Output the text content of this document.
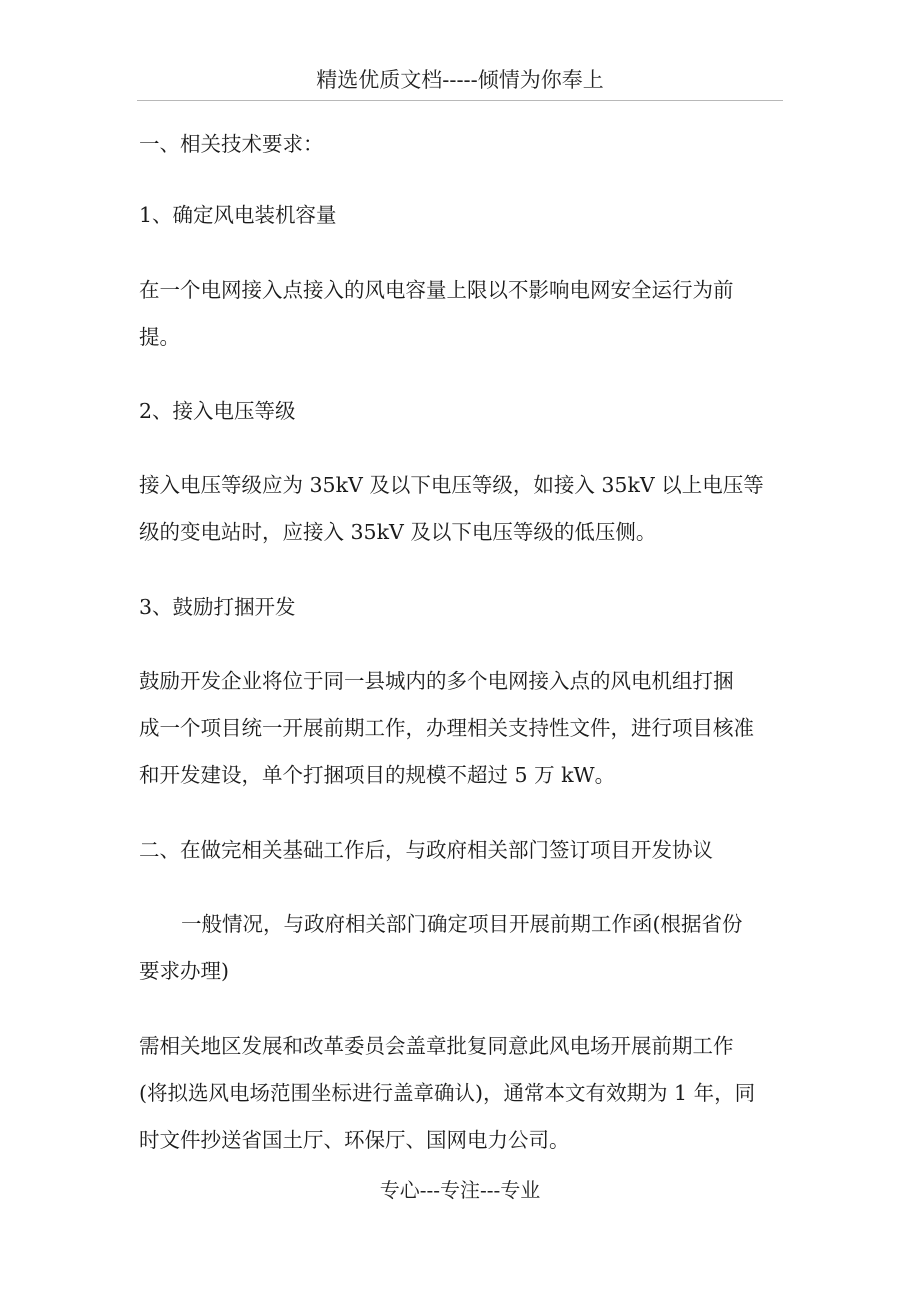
精选优质文档-----倾情为你奉上
一、相关技术要求：
1、确定风电装机容量
在一个电网接入点接入的风电容量上限以不影响电网安全运行为前
提。
2、接入电压等级
接入电压等级应为 35kV 及以下电压等级，如接入 35kV 以上电压等
级的变电站时，应接入 35kV 及以下电压等级的低压侧。
3、鼓励打捆开发
鼓励开发企业将位于同一县城内的多个电网接入点的风电机组打捆
成一个项目统一开展前期工作，办理相关支持性文件，进行项目核准
和开发建设，单个打捆项目的规模不超过 5 万 kW。
二、在做完相关基础工作后，与政府相关部门签订项目开发协议
一般情况，与政府相关部门确定项目开展前期工作函(根据省份
要求办理)
需相关地区发展和改革委员会盖章批复同意此风电场开展前期工作
(将拟选风电场范围坐标进行盖章确认)，通常本文有效期为 1 年，同
时文件抄送省国土厅、环保厅、国网电力公司。
专心---专注---专业
